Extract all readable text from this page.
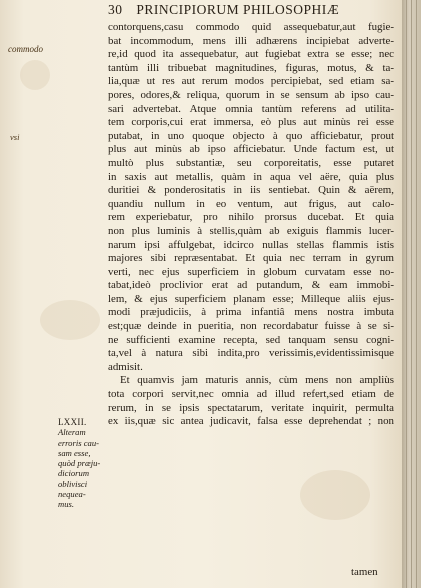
30 PRINCIPIORUM PHILOSOPHIÆ
commodo
vsi
LXXII.
Alteram
erroris cau-
sam esse,
quòd præju-
diciorum
oblivisci
nequea-
mus.
contorquens,casu commodo quid assequebatur,aut fugie-
bat incommodum, mens illi adhærens incipiebat adverte-
re,id quod ita assequebatur, aut fugiebat extra se esse; nec
tantùm illi tribuebat magnitudines, figuras, motus, & ta-
lia,quæ ut res aut rerum modos percipiebat, sed etiam sa-
pores, odores,& reliqua, quorum in se sensum ab ipso cau-
sari advertebat. Atque omnia tantùm referens ad utilita-
tem corporis,cui erat immersa, eò plus aut minùs rei esse
putabat, in uno quoque objecto à quo afficiebatur, prout
plus aut minùs ab ipso afficiebatur. Unde factum est, ut
multò plus substantiæ, seu corporeitatis, esse putaret
in saxis aut metallis, quàm in aqua vel aëre, quia plus
duritiei & ponderositatis in iis sentiebat. Quin & aërem,
quandiu nullum in eo ventum, aut frigus, aut calo-
rem experiebatur, pro nihilo prorsus ducebat. Et quia
non plus luminis à stellis,quàm ab exiguis flammis lucer-
narum ipsi affulgebat, idcirco nullas stellas flammis istis
majores sibi repræsentabat. Et quia nec terram in gyrum
verti, nec ejus superficiem in globum curvatam esse no-
tabat,ideò proclivior erat ad putandum, & eam immobi-
lem, & ejus superficiem planam esse; Milleque aliis ejus-
modi præjudiciis, à prima infantiâ mens nostra imbuta
est;quæ deinde in pueritia, non recordabatur fuisse à se si-
ne sufficienti examine recepta, sed tanquam sensu cogni-
ta,vel à natura sibi indita,pro verissimis,evidentissimisque
admisit.
Et quamvis jam maturis annis, cùm mens non ampliùs
tota corpori servit,nec omnia ad illud refert,sed etiam de
rerum, in se ipsis spectatarum, veritate inquirit, permulta
ex iis,quæ sic antea judicavit, falsa esse deprehendat ; non
tamen
